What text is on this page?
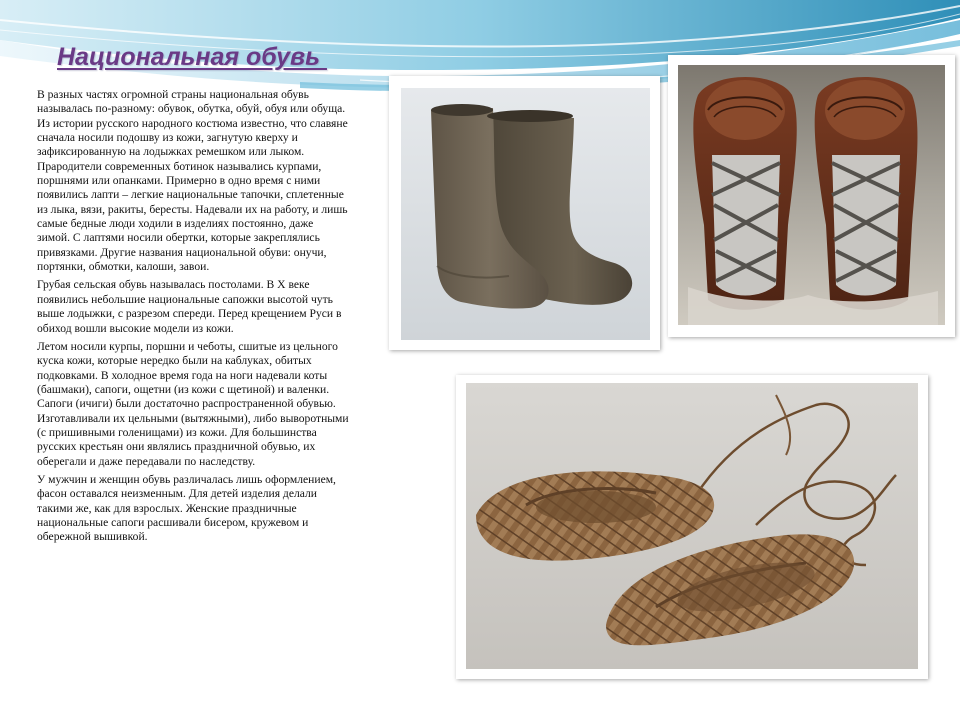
Национальная обувь

В разных частях огромной страны национальная обувь называлась по-разному: обувок, обутка, обуй, обуя или обуща. Из истории русского народного костюма известно, что славяне сначала носили подошву из кожи, загнутую кверху и зафиксированную на лодыжках ремешком или лыком. Прародители современных ботинок назывались курпами, поршнями или опанками. Примерно в одно время с ними появились лапти – легкие национальные тапочки, сплетенные из лыка, вязи, ракиты, бересты. Надевали их на работу, и лишь самые бедные люди ходили в изделиях постоянно, даже зимой. С лаптями носили обертки, которые закреплялись привязками. Другие названия национальной обуви: онучи, портянки, обмотки, калоши, завои.

Грубая сельская обувь называлась постолами. В X веке появились небольшие национальные сапожки высотой чуть выше лодыжки, с разрезом спереди. Перед крещением Руси в обиход вошли высокие модели из кожи.

Летом носили курпы, поршни и чеботы, сшитые из цельного куска кожи, которые нередко были на каблуках, обитых подковками. В холодное время года на ноги надевали коты (башмаки), сапоги, ощетни (из кожи с щетиной) и валенки. Сапоги (ичиги) были достаточно распространенной обувью. Изготавливали их цельными (вытяжными), либо выворотными (с пришивными голенищами) из кожи. Для большинства русских крестьян они являлись праздничной обувью, их оберегали и даже передавали по наследству.

У мужчин и женщин обувь различалась лишь оформлением, фасон оставался неизменным. Для детей изделия делали такими же, как для взрослых. Женские праздничные национальные сапоги расшивали бисером, кружевом и обережной вышивкой.
